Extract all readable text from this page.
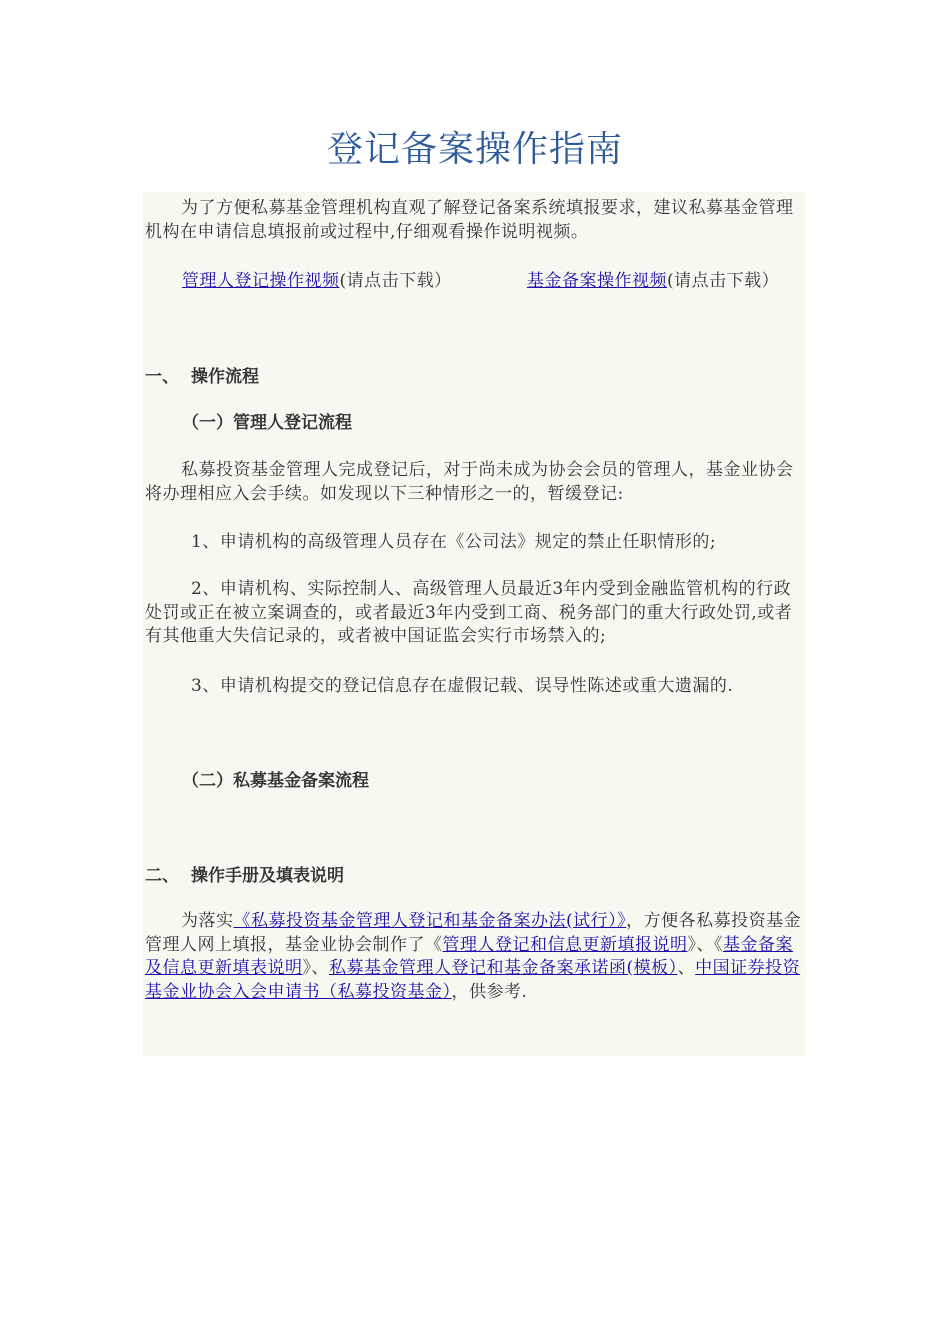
登记备案操作指南
为了方便私募基金管理机构直观了解登记备案系统填报要求，建议私募基金管理机构在申请信息填报前或过程中,仔细观看操作说明视频。
管理人登记操作视频(请点击下载）	基金备案操作视频(请点击下载）
一、 操作流程
（一）管理人登记流程
私募投资基金管理人完成登记后，对于尚未成为协会会员的管理人，基金业协会将办理相应入会手续。如发现以下三种情形之一的，暂缓登记:
1、申请机构的高级管理人员存在《公司法》规定的禁止任职情形的;
2、申请机构、实际控制人、高级管理人员最近3年内受到金融监管机构的行政处罚或正在被立案调查的，或者最近3年内受到工商、税务部门的重大行政处罚,或者有其他重大失信记录的，或者被中国证监会实行市场禁入的;
3、申请机构提交的登记信息存在虚假记载、误导性陈述或重大遗漏的.
（二）私募基金备案流程
二、 操作手册及填表说明
为落实《私募投资基金管理人登记和基金备案办法(试行）》，方便各私募投资基金管理人网上填报，基金业协会制作了《管理人登记和信息更新填报说明》、《基金备案及信息更新填表说明》、私募基金管理人登记和基金备案承诺函(模板）、中国证券投资基金业协会入会申请书（私募投资基金），供参考.
